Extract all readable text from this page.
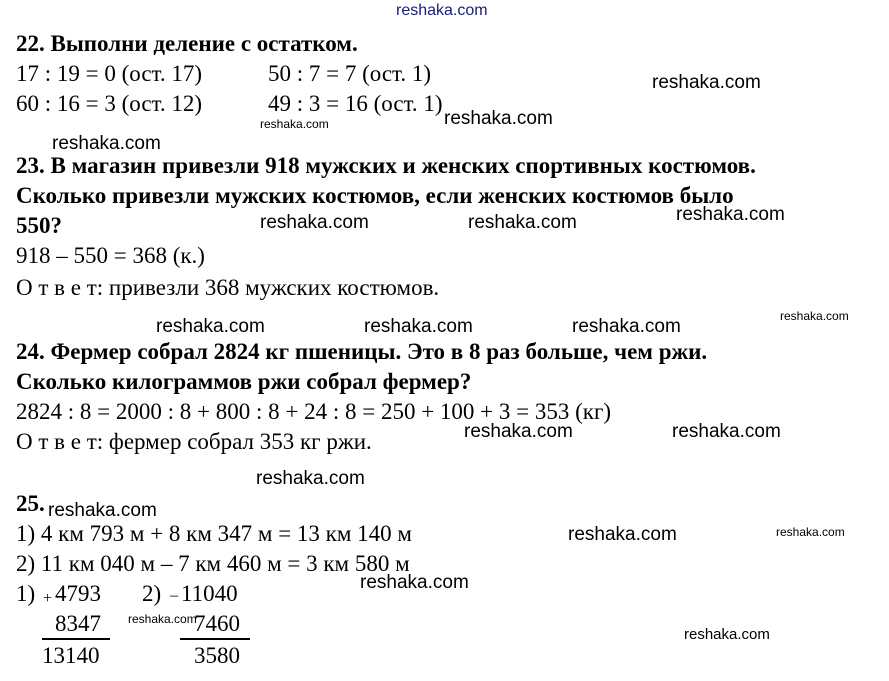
reshaka.com
22. Выполни деление с остатком.
17 : 19 = 0 (ост. 17)	50 : 7 = 7 (ост. 1)
60 : 16 = 3 (ост. 12)	49 : 3 = 16 (ост. 1)
reshaka.com
reshaka.com
reshaka.com
reshaka.com
23. В магазин привезли 918 мужских и женских спортивных костюмов.
Сколько привезли мужских костюмов, если женских костюмов было
550?	reshaka.com
reshaka.com	reshaka.com
918 – 550 = 368 (к.)
О т в е т: привезли 368 мужских костюмов.
reshaka.com
reshaka.com	reshaka.com	reshaka.com
24. Фермер собрал 2824 кг пшеницы. Это в 8 раз больше, чем ржи.
Сколько килограммов ржи собрал фермер?
2824 : 8 = 2000 : 8 + 800 : 8 + 24 : 8 = 250 + 100 + 3 = 353 (кг)
О т в е т: фермер собрал 353 кг ржи.	reshaka.com	reshaka.com
reshaka.com
25. reshaka.com
1) 4 км 793 м + 8 км 347 м = 13 км 140 м	reshaka.com	reshaka.com
2) 11 км 040 м – 7 км 460 м = 3 км 580 м
reshaka.com
1) + 4793
8347
13140
2) – 11040
7460
3580
reshaka.com
reshaka.com
